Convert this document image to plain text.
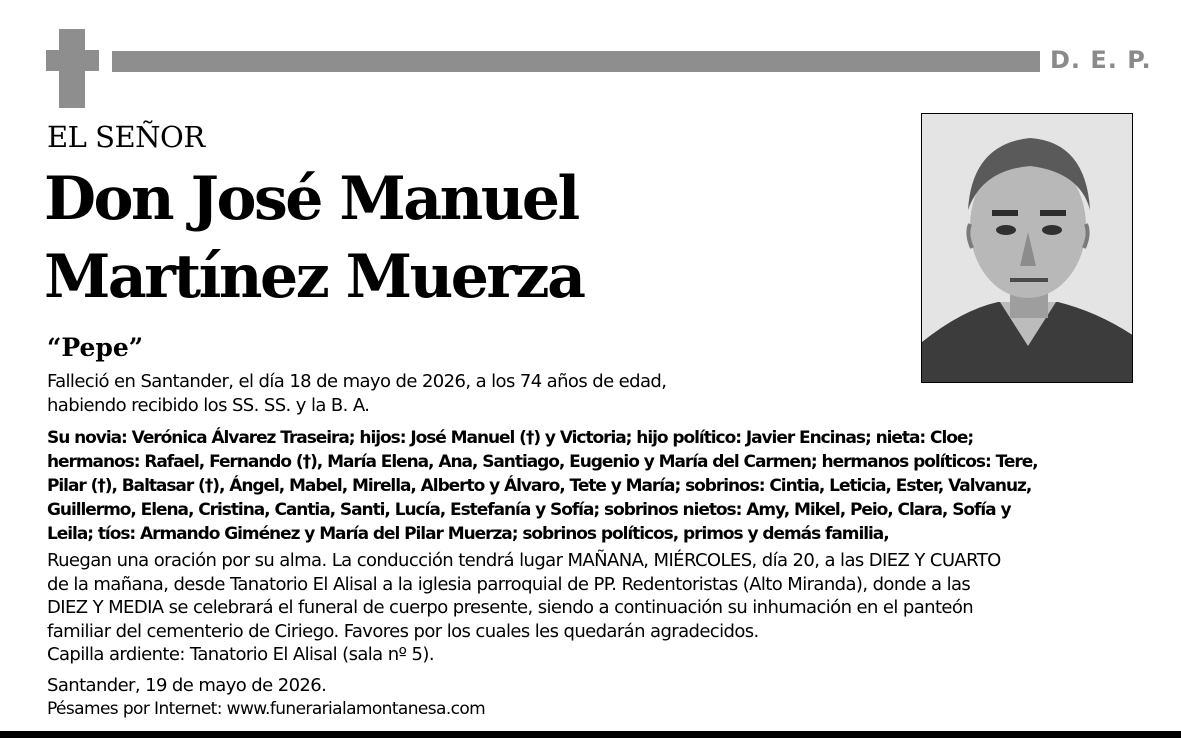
D. E. P.
EL SEÑOR
Don José Manuel
Martínez Muerza
“Pepe”

Falleció en Santander, el día 18 de mayo de 2026, a los 74 años de edad,
habiendo recibido los SS. SS. y la B. A.

Su novia: Verónica Álvarez Traseira; hijos: José Manuel (†) y Victoria; hijo político: Javier Encinas; nieta: Cloe;
hermanos: Rafael, Fernando (†), María Elena, Ana, Santiago, Eugenio y María del Carmen; hermanos políticos: Tere,
Pilar (†), Baltasar (†), Ángel, Mabel, Mirella, Alberto y Álvaro, Tete y María; sobrinos: Cintia, Leticia, Ester, Valvanuz,
Guillermo, Elena, Cristina, Cantia, Santi, Lucía, Estefanía y Sofía; sobrinos nietos: Amy, Mikel, Peio, Clara, Sofía y
Leila; tíos: Armando Giménez y María del Pilar Muerza; sobrinos políticos, primos y demás familia,

Ruegan una oración por su alma. La conducción tendrá lugar MAÑANA, MIÉRCOLES, día 20, a las DIEZ Y CUARTO
de la mañana, desde Tanatorio El Alisal a la iglesia parroquial de PP. Redentoristas (Alto Miranda), donde a las
DIEZ Y MEDIA se celebrará el funeral de cuerpo presente, siendo a continuación su inhumación en el panteón
familiar del cementerio de Ciriego. Favores por los cuales les quedarán agradecidos.
Capilla ardiente: Tanatorio El Alisal (sala nº 5).

Santander, 19 de mayo de 2026.

Pésames por Internet: www.funerarialamontanesa.com
